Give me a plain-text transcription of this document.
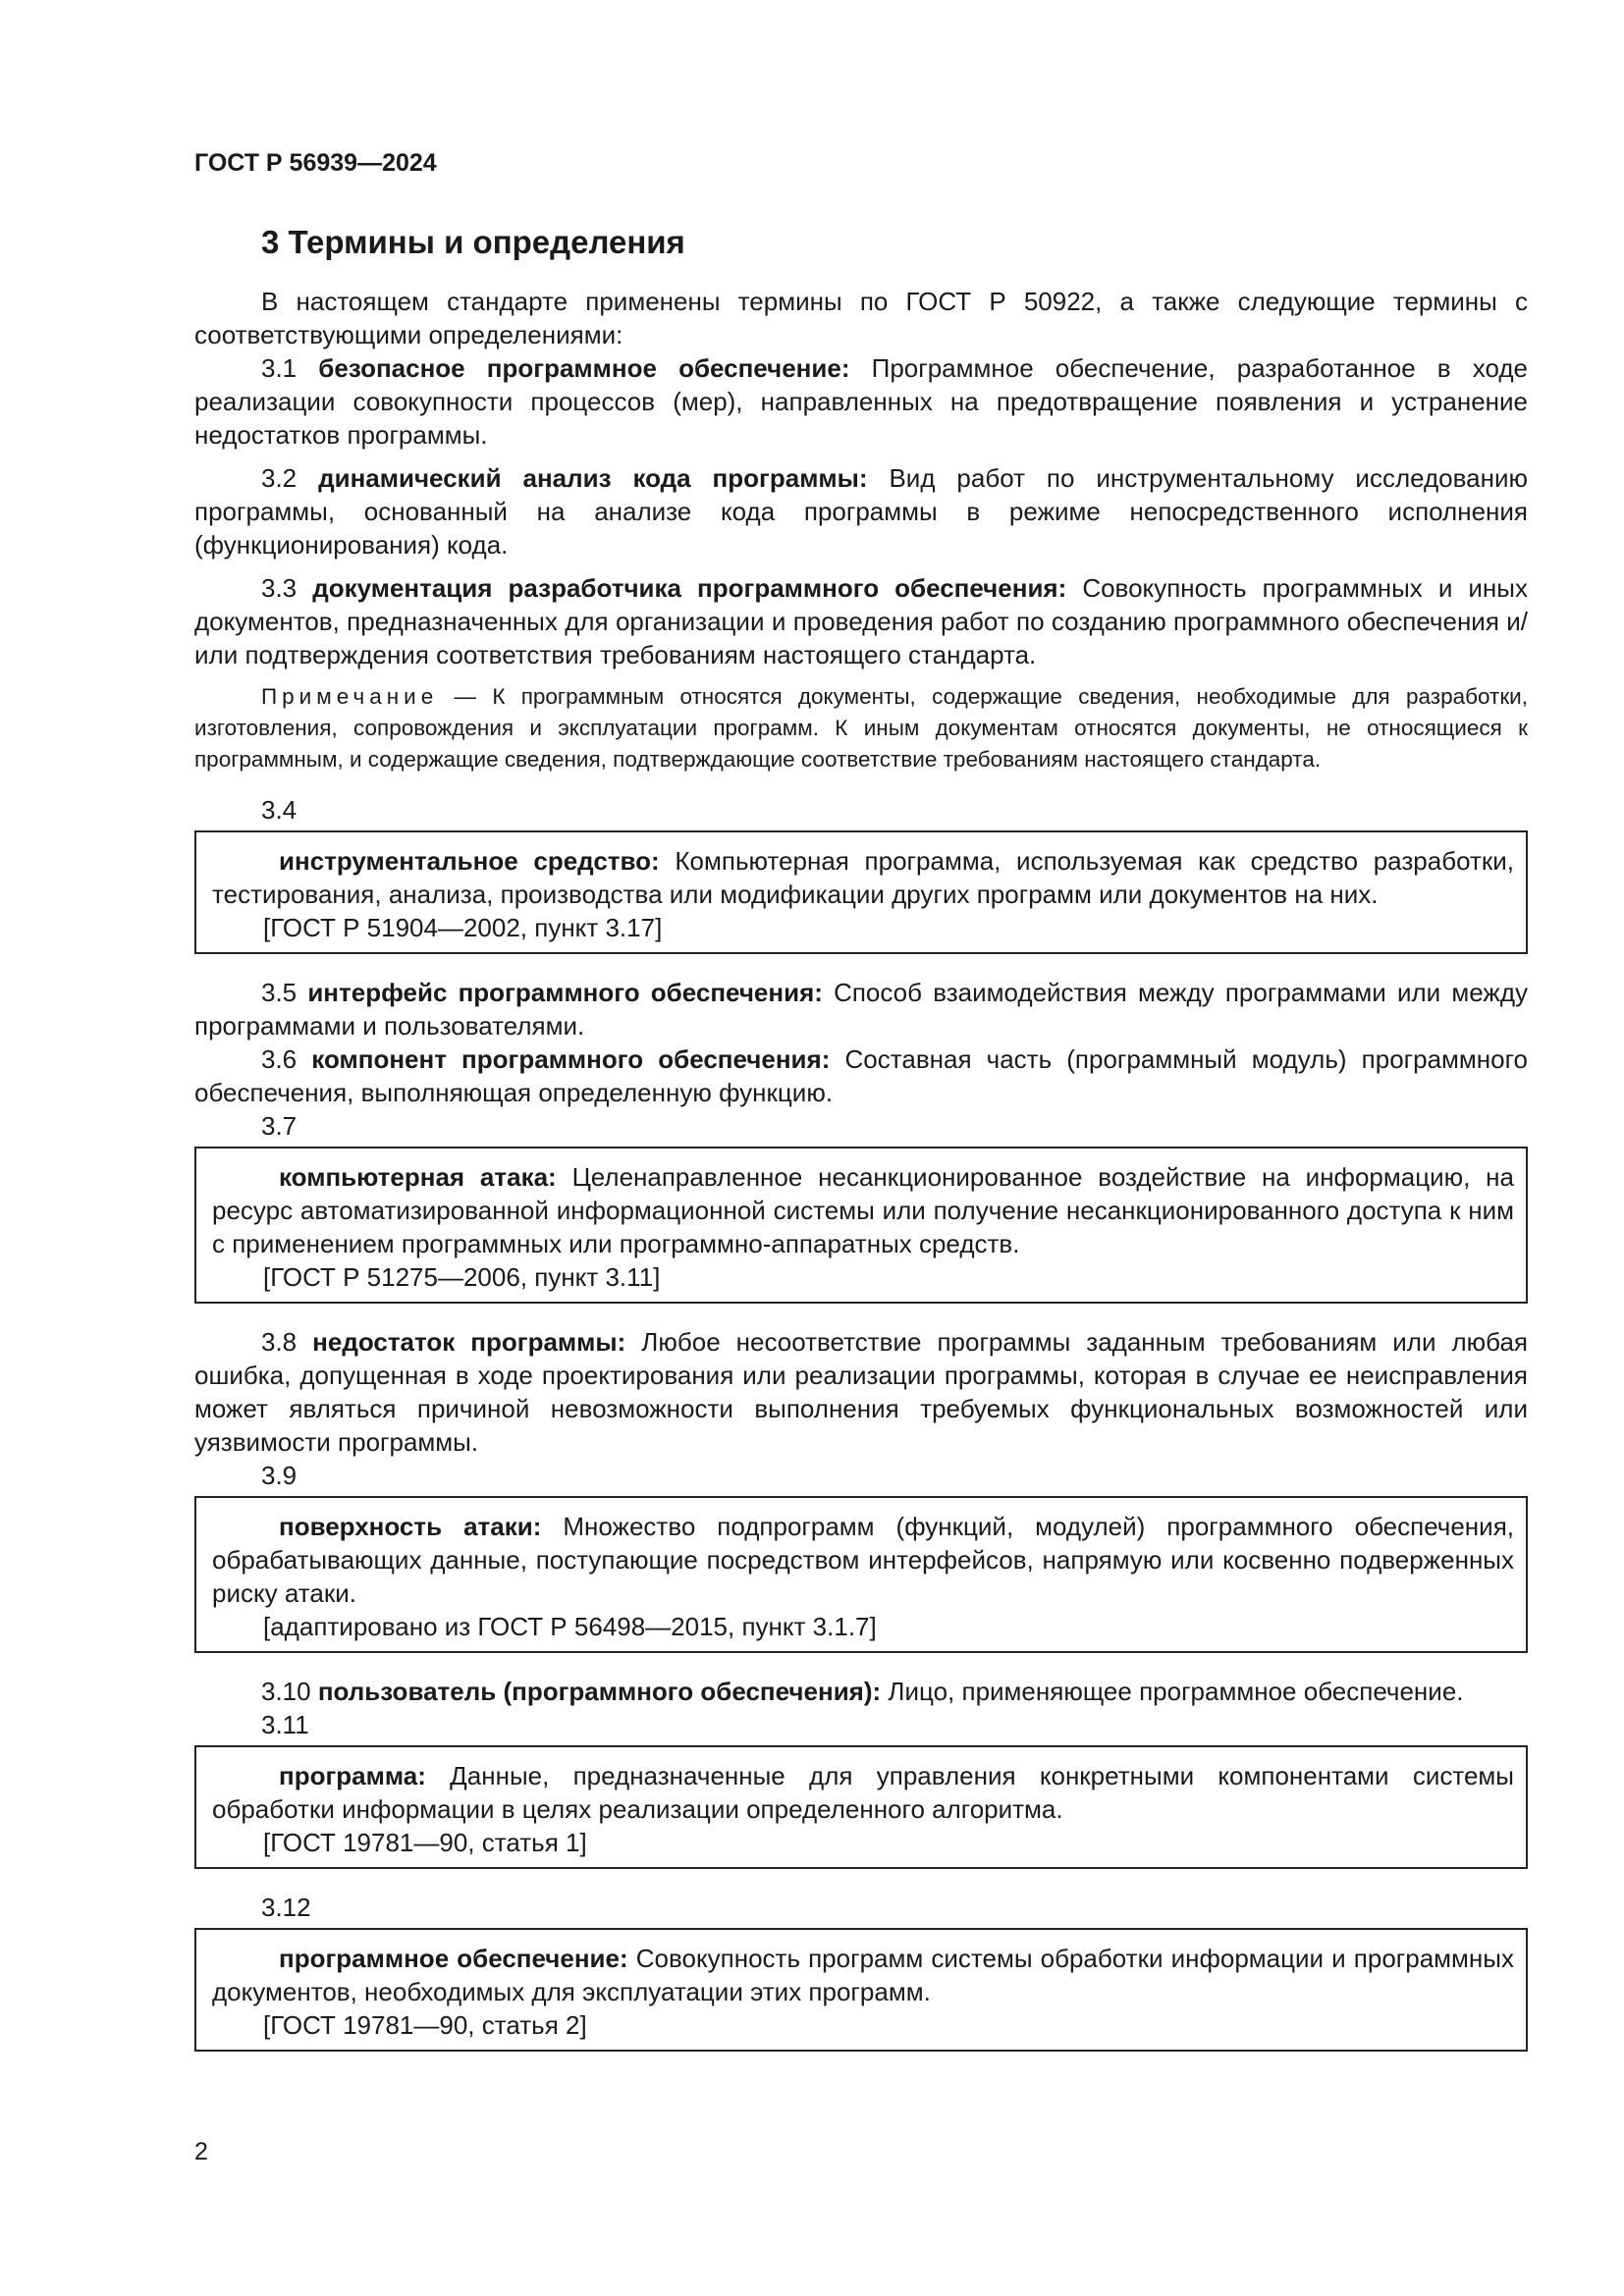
ГОСТ Р 56939—2024
3 Термины и определения

В настоящем стандарте применены термины по ГОСТ Р 50922, а также следующие термины с соответствующими определениями:

3.1 безопасное программное обеспечение: Программное обеспечение, разработанное в ходе реализации совокупности процессов (мер), направленных на предотвращение появления и устранение недостатков программы.

3.2 динамический анализ кода программы: Вид работ по инструментальному исследованию программы, основанный на анализе кода программы в режиме непосредственного исполнения (функционирования) кода.

3.3 документация разработчика программного обеспечения: Совокупность программных и иных документов, предназначенных для организации и проведения работ по созданию программного обеспечения и/или подтверждения соответствия требованиям настоящего стандарта.

Примечание — К программным относятся документы, содержащие сведения, необходимые для разработки, изготовления, сопровождения и эксплуатации программ. К иным документам относятся документы, не относящиеся к программным, и содержащие сведения, подтверждающие соответствие требованиям настоящего стандарта.

3.4

инструментальное средство: Компьютерная программа, используемая как средство разработки, тестирования, анализа, производства или модификации других программ или документов на них.

[ГОСТ Р 51904—2002, пункт 3.17]

3.5 интерфейс программного обеспечения: Способ взаимодействия между программами или между программами и пользователями.

3.6 компонент программного обеспечения: Составная часть (программный модуль) программного обеспечения, выполняющая определенную функцию.

3.7

компьютерная атака: Целенаправленное несанкционированное воздействие на информацию, на ресурс автоматизированной информационной системы или получение несанкционированного доступа к ним с применением программных или программно-аппаратных средств.

[ГОСТ Р 51275—2006, пункт 3.11]

3.8 недостаток программы: Любое несоответствие программы заданным требованиям или любая ошибка, допущенная в ходе проектирования или реализации программы, которая в случае ее неисправления может являться причиной невозможности выполнения требуемых функциональных возможностей или уязвимости программы.

3.9

поверхность атаки: Множество подпрограмм (функций, модулей) программного обеспечения, обрабатывающих данные, поступающие посредством интерфейсов, напрямую или косвенно подверженных риску атаки.

[адаптировано из ГОСТ Р 56498—2015, пункт 3.1.7]

3.10 пользователь (программного обеспечения): Лицо, применяющее программное обеспечение.

3.11

программа: Данные, предназначенные для управления конкретными компонентами системы обработки информации в целях реализации определенного алгоритма.

[ГОСТ 19781—90, статья 1]

3.12

программное обеспечение: Совокупность программ системы обработки информации и программных документов, необходимых для эксплуатации этих программ.

[ГОСТ 19781—90, статья 2]

2
